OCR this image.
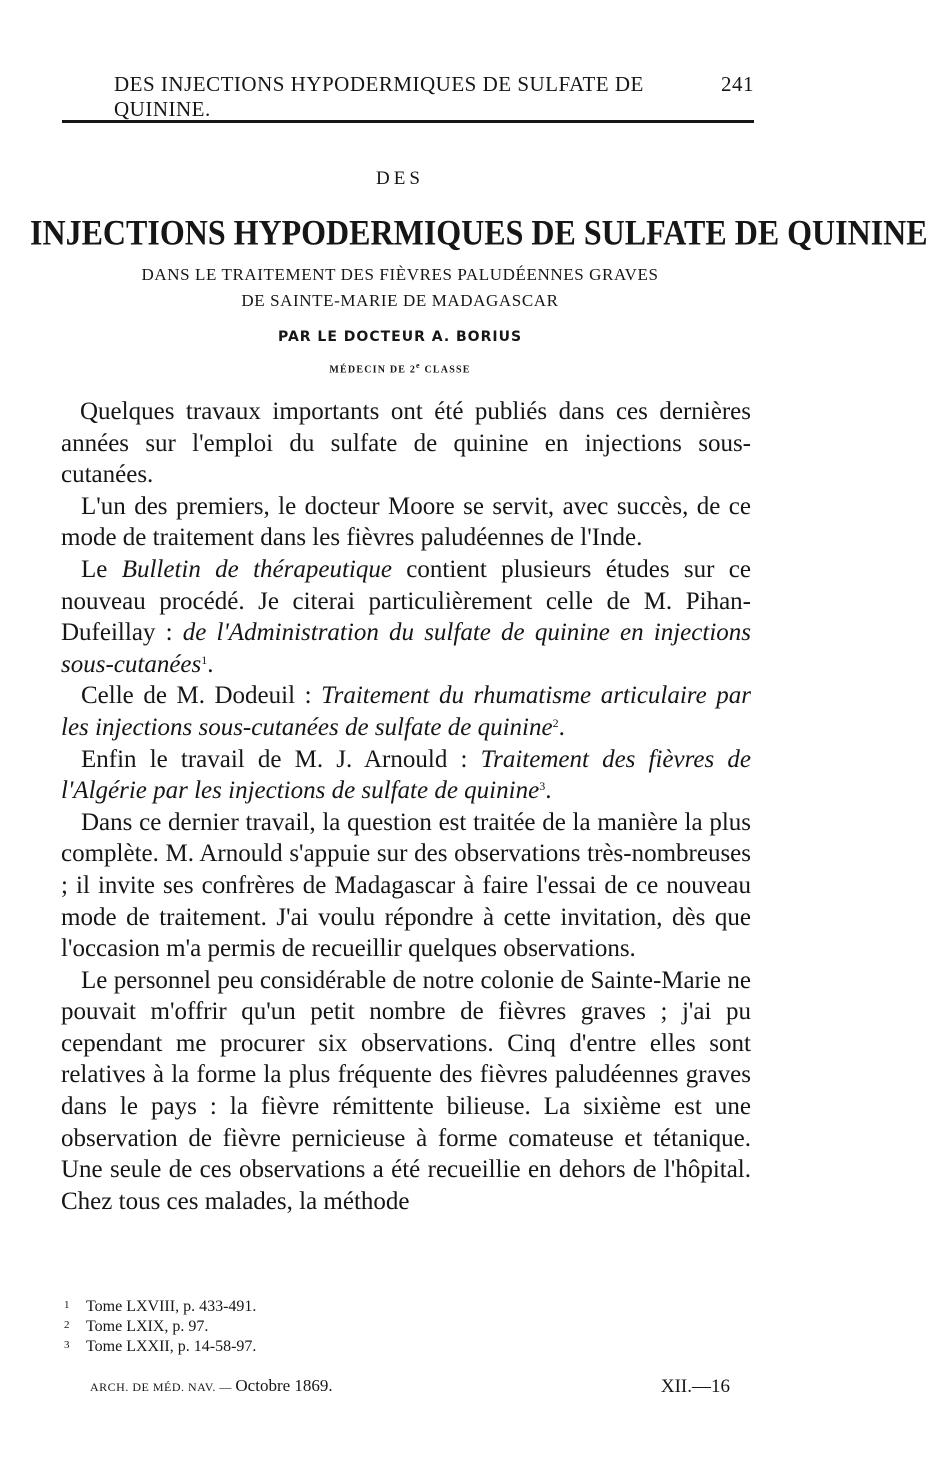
DES INJECTIONS HYPODERMIQUES DE SULFATE DE QUININE.
241
DES
INJECTIONS HYPODERMIQUES DE SULFATE DE QUININE
DANS LE TRAITEMENT DES FIÈVRES PALUDÉENNES GRAVES
DE SAINTE-MARIE DE MADAGASCAR
PAR LE DOCTEUR A. BORIUS
MÉDECIN DE 2e CLASSE

Quelques travaux importants ont été publiés dans ces dernières années sur l'emploi du sulfate de quinine en injections sous-cutanées.

L'un des premiers, le docteur Moore se servit, avec succès, de ce mode de traitement dans les fièvres paludéennes de l'Inde.

Le Bulletin de thérapeutique contient plusieurs études sur ce nouveau procédé. Je citerai particulièrement celle de M. Pihan-Dufeillay : de l'Administration du sulfate de quinine en injections sous-cutanées$^1$.

Celle de M. Dodeuil : Traitement du rhumatisme articulaire par les injections sous-cutanées de sulfate de quinine$^2$.

Enfin le travail de M. J. Arnould : Traitement des fièvres de l'Algérie par les injections de sulfate de quinine$^3$.

Dans ce dernier travail, la question est traitée de la manière la plus complète. M. Arnould s'appuie sur des observations très-nombreuses ; il invite ses confrères de Madagascar à faire l'essai de ce nouveau mode de traitement. J'ai voulu répondre à cette invitation, dès que l'occasion m'a permis de recueillir quelques observations.

Le personnel peu considérable de notre colonie de Sainte-Marie ne pouvait m'offrir qu'un petit nombre de fièvres graves ; j'ai pu cependant me procurer six observations. Cinq d'entre elles sont relatives à la forme la plus fréquente des fièvres paludéennes graves dans le pays : la fièvre rémittente bilieuse. La sixième est une observation de fièvre pernicieuse à forme comateuse et tétanique. Une seule de ces observations a été recueillie en dehors de l'hôpital. Chez tous ces malades, la méthode

1 Tome LXVIII, p. 433-491.
2 Tome LXIX, p. 97.
3 Tome LXXII, p. 14-58-97.
ARCH. DE MÉD. NAV. — Octobre 1869.	XII.—16
